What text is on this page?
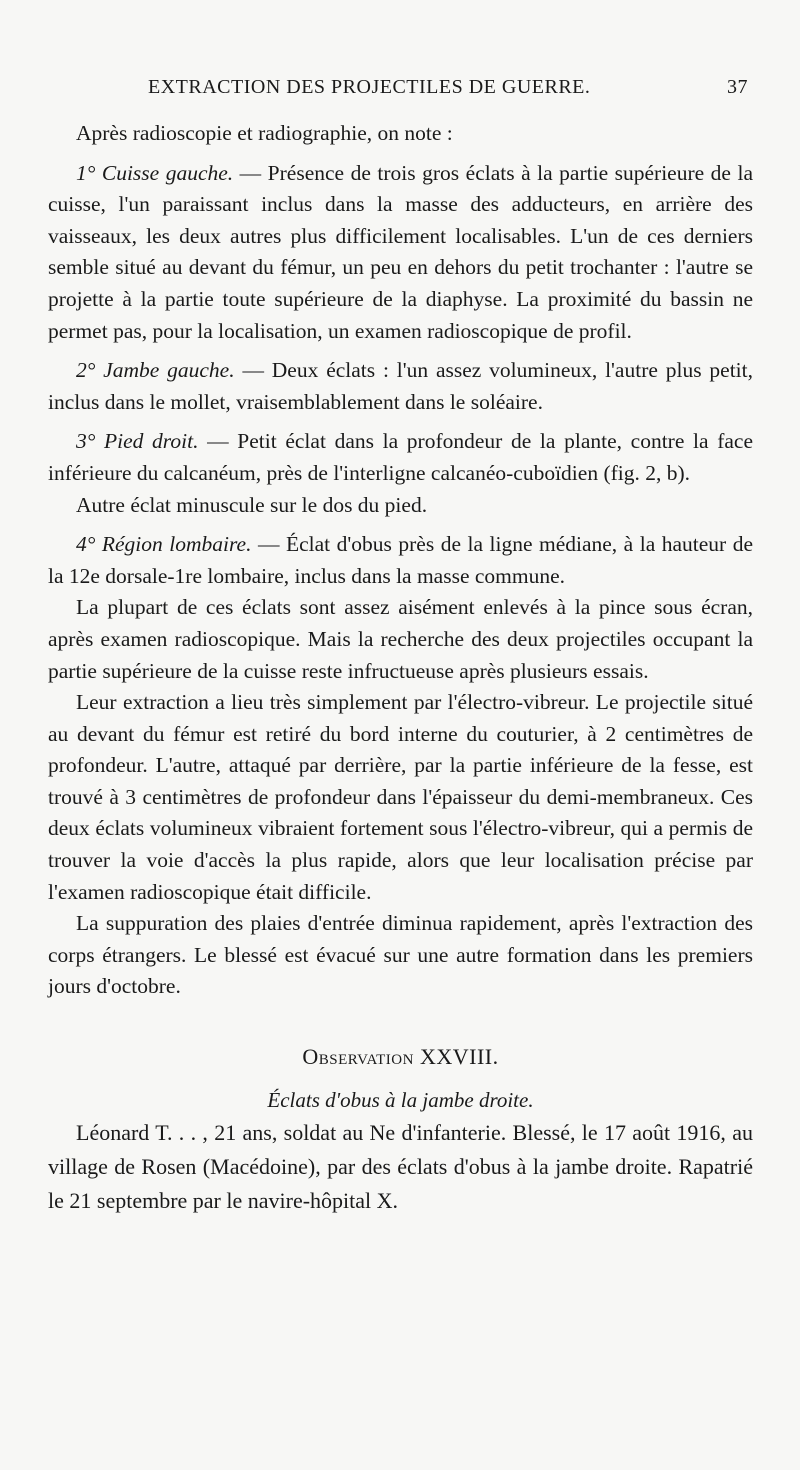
EXTRACTION DES PROJECTILES DE GUERRE.	37

Après radioscopie et radiographie, on note :

1° Cuisse gauche. — Présence de trois gros éclats à la partie supérieure de la cuisse, l'un paraissant inclus dans la masse des adducteurs, en arrière des vaisseaux, les deux autres plus difficilement localisables. L'un de ces derniers semble situé au devant du fémur, un peu en dehors du petit trochanter : l'autre se projette à la partie toute supérieure de la diaphyse. La proximité du bassin ne permet pas, pour la localisation, un examen radioscopique de profil.

2° Jambe gauche. — Deux éclats : l'un assez volumineux, l'autre plus petit, inclus dans le mollet, vraisemblablement dans le soléaire.

3° Pied droit. — Petit éclat dans la profondeur de la plante, contre la face inférieure du calcanéum, près de l'interligne calcanéo-cuboïdien (fig. 2, b).

Autre éclat minuscule sur le dos du pied.

4° Région lombaire. — Éclat d'obus près de la ligne médiane, à la hauteur de la 12e dorsale-1re lombaire, inclus dans la masse commune.

La plupart de ces éclats sont assez aisément enlevés à la pince sous écran, après examen radioscopique. Mais la recherche des deux projectiles occupant la partie supérieure de la cuisse reste infructueuse après plusieurs essais.

Leur extraction a lieu très simplement par l'électro-vibreur. Le projectile situé au devant du fémur est retiré du bord interne du couturier, à 2 centimètres de profondeur. L'autre, attaqué par derrière, par la partie inférieure de la fesse, est trouvé à 3 centimètres de profondeur dans l'épaisseur du demi-membraneux. Ces deux éclats volumineux vibraient fortement sous l'électro-vibreur, qui a permis de trouver la voie d'accès la plus rapide, alors que leur localisation précise par l'examen radioscopique était difficile.

La suppuration des plaies d'entrée diminua rapidement, après l'extraction des corps étrangers. Le blessé est évacué sur une autre formation dans les premiers jours d'octobre.

Observation XXVIII.
Éclats d'obus à la jambe droite.

Léonard T. . . , 21 ans, soldat au Ne d'infanterie. Blessé, le 17 août 1916, au village de Rosen (Macédoine), par des éclats d'obus à la jambe droite. Rapatrié le 21 septembre par le navire-hôpital X.
